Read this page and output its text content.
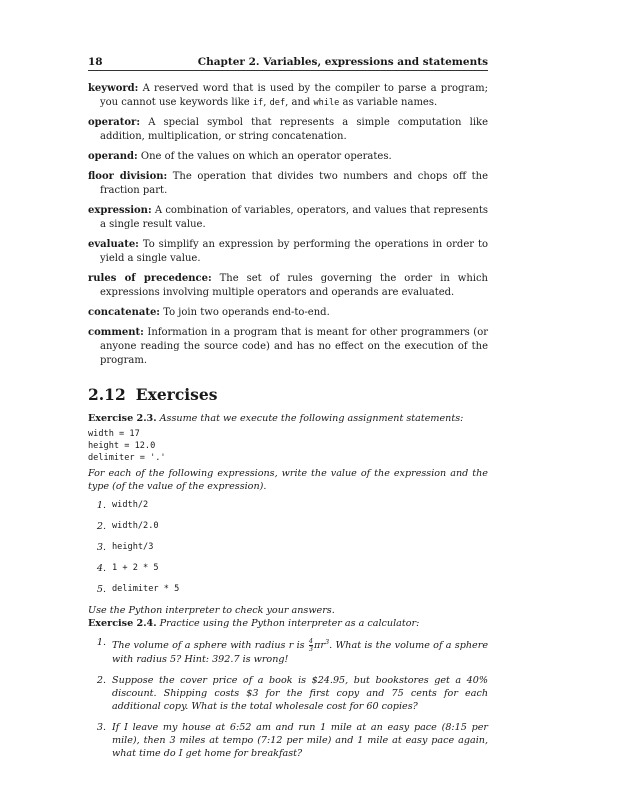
18	Chapter 2. Variables, expressions and statements
keyword: A reserved word that is used by the compiler to parse a program; you cannot use keywords like if, def, and while as variable names.
operator: A special symbol that represents a simple computation like addition, multiplication, or string concatenation.
operand: One of the values on which an operator operates.
floor division: The operation that divides two numbers and chops off the fraction part.
expression: A combination of variables, operators, and values that represents a single result value.
evaluate: To simplify an expression by performing the operations in order to yield a single value.
rules of precedence: The set of rules governing the order in which expressions involving multiple operators and operands are evaluated.
concatenate: To join two operands end-to-end.
comment: Information in a program that is meant for other programmers (or anyone reading the source code) and has no effect on the execution of the program.
2.12 Exercises
Exercise 2.3. Assume that we execute the following assignment statements:
width = 17
height = 12.0
delimiter = '.'
For each of the following expressions, write the value of the expression and the type (of the value of the expression).
1. width/2
2. width/2.0
3. height/3
4. 1 + 2 * 5
5. delimiter * 5
Use the Python interpreter to check your answers.
Exercise 2.4. Practice using the Python interpreter as a calculator:
1. The volume of a sphere with radius r is $\frac{4}{3} \pi r^3$. What is the volume of a sphere with radius 5? Hint: 392.7 is wrong!
2. Suppose the cover price of a book is $24.95, but bookstores get a 40% discount. Shipping costs $3 for the first copy and 75 cents for each additional copy. What is the total wholesale cost for 60 copies?
3. If I leave my house at 6:52 am and run 1 mile at an easy pace (8:15 per mile), then 3 miles at tempo (7:12 per mile) and 1 mile at easy pace again, what time do I get home for breakfast?
